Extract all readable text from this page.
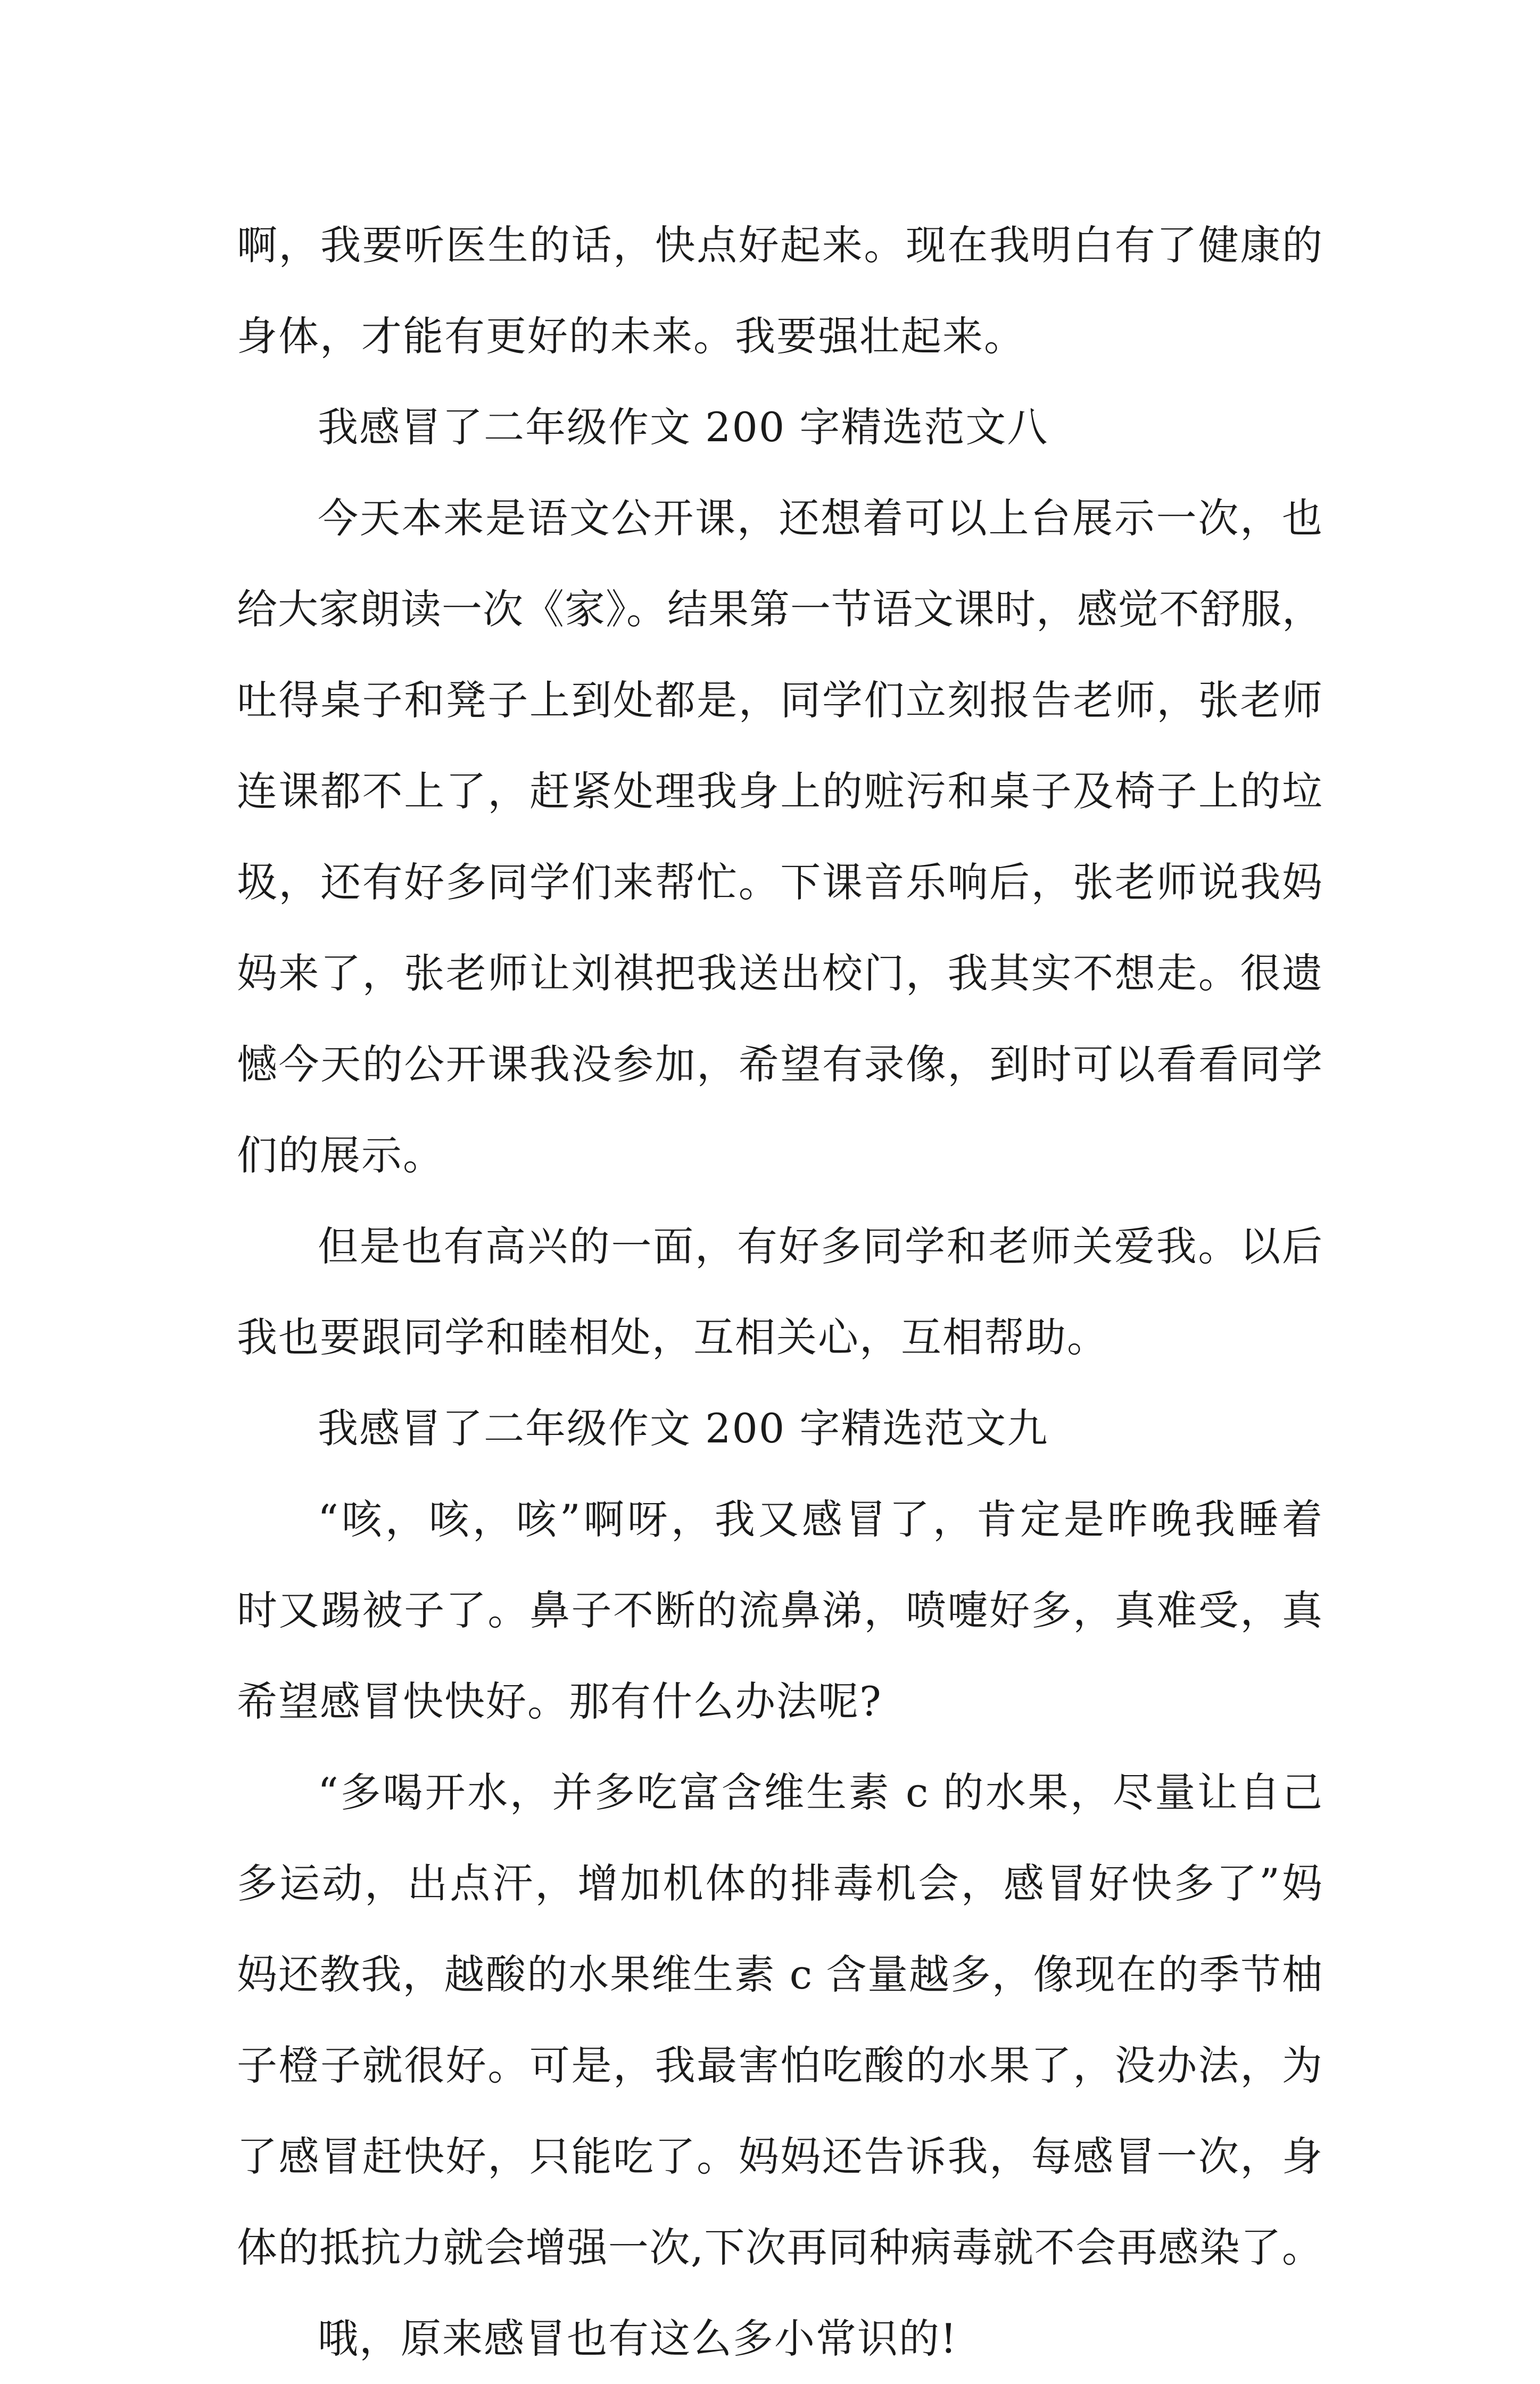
啊，我要听医生的话，快点好起来。现在我明白有了健康的
身体，才能有更好的未来。我要强壮起来。
我感冒了二年级作文 200 字精选范文八
今天本来是语文公开课，还想着可以上台展示一次，也
给大家朗读一次《家》。结果第一节语文课时，感觉不舒服，
吐得桌子和凳子上到处都是，同学们立刻报告老师，张老师
连课都不上了，赶紧处理我身上的赃污和桌子及椅子上的垃
圾，还有好多同学们来帮忙。下课音乐响后，张老师说我妈
妈来了，张老师让刘祺把我送出校门，我其实不想走。很遗
憾今天的公开课我没参加，希望有录像，到时可以看看同学
们的展示。
但是也有高兴的一面，有好多同学和老师关爱我。以后
我也要跟同学和睦相处，互相关心，互相帮助。
我感冒了二年级作文 200 字精选范文九
“咳，咳，咳”啊呀，我又感冒了，肯定是昨晚我睡着
时又踢被子了。鼻子不断的流鼻涕，喷嚏好多，真难受，真
希望感冒快快好。那有什么办法呢?
“多喝开水，并多吃富含维生素 c 的水果，尽量让自己
多运动，出点汗，增加机体的排毒机会，感冒好快多了”妈
妈还教我，越酸的水果维生素 c 含量越多，像现在的季节柚
子橙子就很好。可是，我最害怕吃酸的水果了，没办法，为
了感冒赶快好，只能吃了。妈妈还告诉我，每感冒一次，身
体的抵抗力就会增强一次,下次再同种病毒就不会再感染了。
哦，原来感冒也有这么多小常识的!
